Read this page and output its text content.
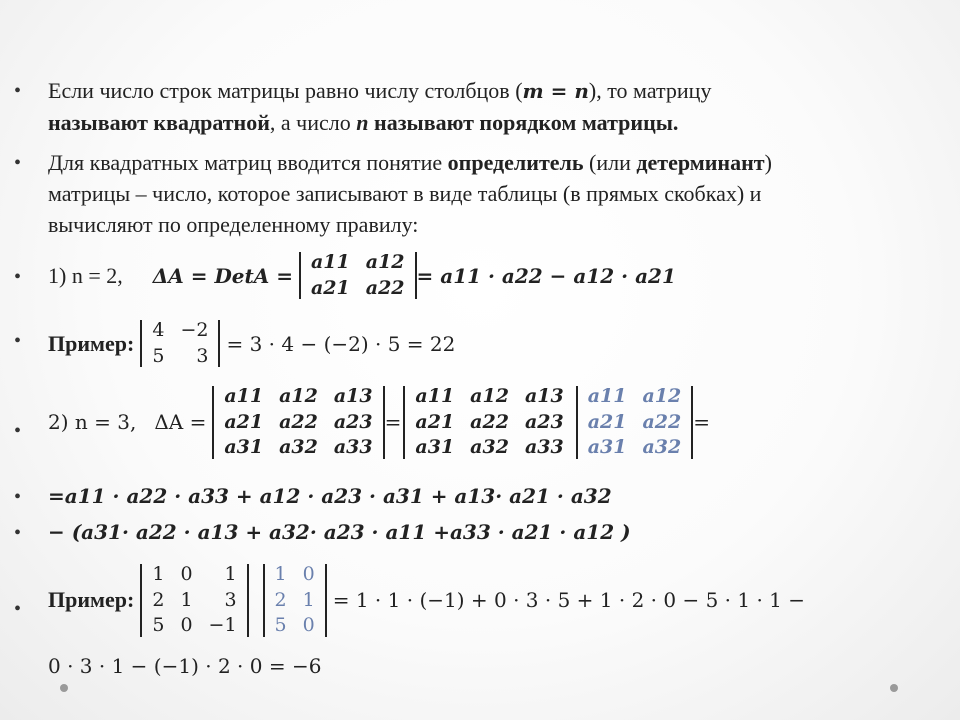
• Если число строк матрицы равно числу столбцов (m = n), то матрицу
называют квадратной, а число n называют порядком матрицы.
• Для квадратных матриц вводится понятие определитель (или детерминант)
матрицы – число, которое записывают в виде таблицы (в прямых скобках) и
вычисляют по определенному правилу:
• 1) n = 2, ΔA = DetA =
a11	a12
a21	a22 = a11 · a22 − a12 · a21
• Пример:
4	−2
5	3 = 3 · 4 − (−2) · 5 = 22
• 2) n = 3, ΔA =
a11	a12	a13
a21	a22	a23
a31	a32	a33
=
a11	a12	a13
a21	a22	a23
a31	a32	a33
a11	a12
a21	a22
a31	a32
=
• =a11 · a22 · a33 + a12 · a23 · a31 + a13· a21 · a32
• − (a31· a22 · a13 + a32· a23 · a11 +a33 · a21 · a12 )
• Пример:
1	0	1
2	1	3
5	0	−1
1	0
2	1
5	0
= 1 · 1 · (−1) + 0 · 3 · 5 + 1 · 2 · 0 − 5 · 1 · 1 −
0 · 3 · 1 − (−1) · 2 · 0 = −6
